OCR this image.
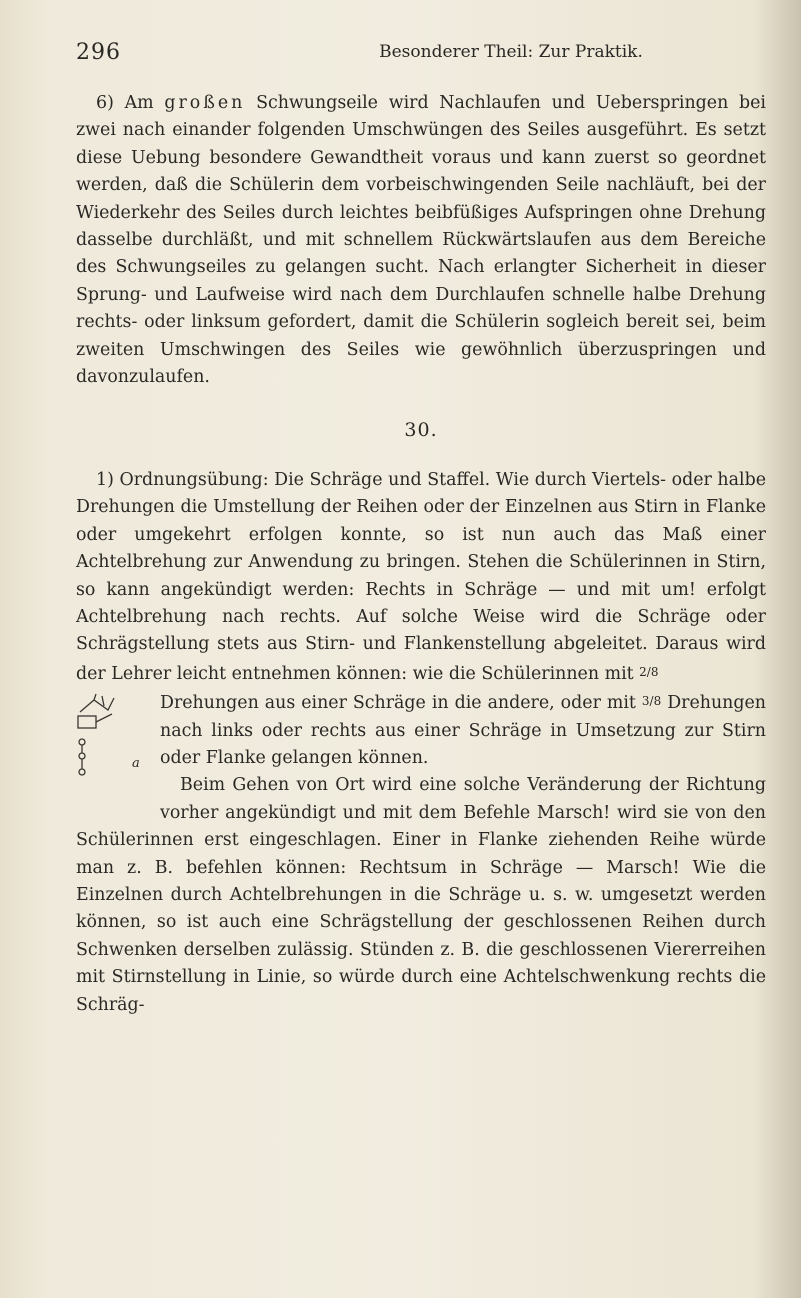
296	Besonderer Theil: Zur Praktik.

6) Am großen Schwungseile wird Nachlaufen und Ueberspringen bei zwei nach einander folgenden Umschwüngen des Seiles ausgeführt. Es setzt diese Uebung besondere Gewandtheit voraus und kann zuerst so geordnet werden, daß die Schülerin dem vorbeischwingenden Seile nachläuft, bei der Wiederkehr des Seiles durch leichtes beibfüßiges Aufspringen ohne Drehung dasselbe durchläßt, und mit schnellem Rückwärtslaufen aus dem Bereiche des Schwungseiles zu gelangen sucht. Nach erlangter Sicherheit in dieser Sprung- und Laufweise wird nach dem Durchlaufen schnelle halbe Drehung rechts- oder linksum gefordert, damit die Schülerin sogleich bereit sei, beim zweiten Umschwingen des Seiles wie gewöhnlich überzuspringen und davonzulaufen.

30.

1) Ordnungsübung: Die Schräge und Staffel. Wie durch Viertels- oder halbe Drehungen die Umstellung der Reihen oder der Einzelnen aus Stirn in Flanke oder umgekehrt erfolgen konnte, so ist nun auch das Maß einer Achtelbrehung zur Anwendung zu bringen. Stehen die Schülerinnen in Stirn, so kann angekündigt werden: Rechts in Schräge — und mit um! erfolgt Achtelbrehung nach rechts. Auf solche Weise wird die Schräge oder Schrägstellung stets aus Stirn- und Flankenstellung abgeleitet. Daraus wird der Lehrer leicht entnehmen können: wie die Schülerinnen mit 2/8

a
Drehungen aus einer Schräge in die andere, oder mit 3/8 Drehungen nach links oder rechts aus einer Schräge in Umsetzung zur Stirn oder Flanke gelangen können.

Beim Gehen von Ort wird eine solche Veränderung der Richtung vorher angekündigt und mit dem Befehle Marsch! wird sie von den Schülerinnen erst eingeschlagen. Einer in Flanke ziehenden Reihe würde man z. B. befehlen können: Rechtsum in Schräge — Marsch! Wie die Einzelnen durch Achtelbrehungen in die Schräge u. s. w. umgesetzt werden können, so ist auch eine Schrägstellung der geschlossenen Reihen durch Schwenken derselben zulässig. Stünden z. B. die geschlossenen Viererreihen mit Stirnstellung in Linie, so würde durch eine Achtelschwenkung rechts die Schräg-
